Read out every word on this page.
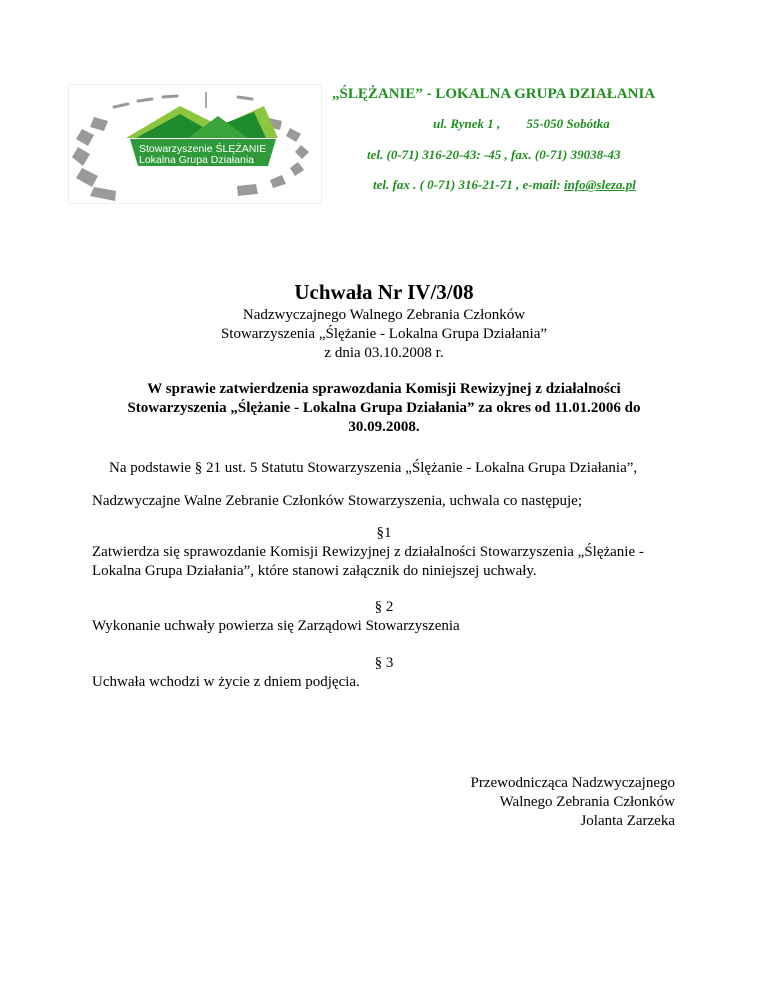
Stowarzyszenie ŚLĘŻANIE
Lokalna Grupa Działania
„ŚLĘŻANIE” - LOKALNA GRUPA DZIAŁANIA
ul. Rynek 1 , 55-050 Sobótka
tel. (0-71) 316-20-43: -45 , fax. (0-71) 39038-43
tel. fax . ( 0-71) 316-21-71 , e-mail: info@sleza.pl
Uchwała Nr IV/3/08
Nadzwyczajnego Walnego Zebrania Członków
Stowarzyszenia „Ślężanie - Lokalna Grupa Działania”
z dnia 03.10.2008 r.
W sprawie zatwierdzenia sprawozdania Komisji Rewizyjnej z działalności
Stowarzyszenia „Ślężanie - Lokalna Grupa Działania” za okres od 11.01.2006 do
30.09.2008.
Na podstawie § 21 ust. 5 Statutu Stowarzyszenia „Ślężanie - Lokalna Grupa Działania”,
Nadzwyczajne Walne Zebranie Członków Stowarzyszenia, uchwala co następuje;
§1
Zatwierdza się sprawozdanie Komisji Rewizyjnej z działalności Stowarzyszenia „Ślężanie -
Lokalna Grupa Działania”, które stanowi załącznik do niniejszej uchwały.
§ 2
Wykonanie uchwały powierza się Zarządowi Stowarzyszenia
§ 3
Uchwała wchodzi w życie z dniem podjęcia.
Przewodnicząca Nadzwyczajnego
Walnego Zebrania Członków
Jolanta Zarzeka
